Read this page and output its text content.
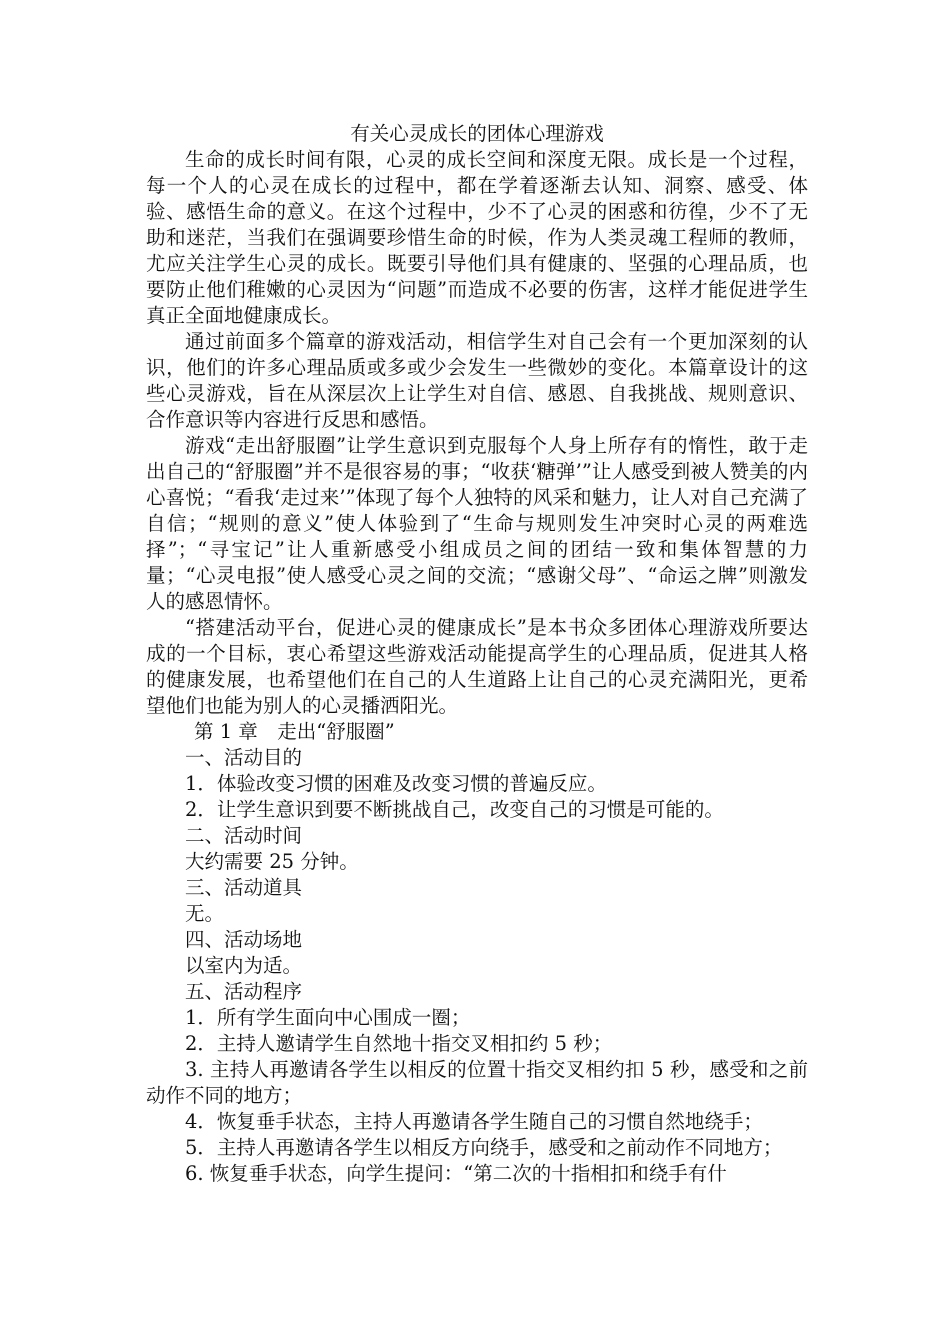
有关心灵成长的团体心理游戏

生命的成长时间有限，心灵的成长空间和深度无限。成长是一个过程，每一个人的心灵在成长的过程中，都在学着逐渐去认知、洞察、感受、体验、感悟生命的意义。在这个过程中，少不了心灵的困惑和彷徨，少不了无助和迷茫，当我们在强调要珍惜生命的时候，作为人类灵魂工程师的教师，尤应关注学生心灵的成长。既要引导他们具有健康的、坚强的心理品质，也要防止他们稚嫩的心灵因为“问题”而造成不必要的伤害，这样才能促进学生真正全面地健康成长。

通过前面多个篇章的游戏活动，相信学生对自己会有一个更加深刻的认识，他们的许多心理品质或多或少会发生一些微妙的变化。本篇章设计的这些心灵游戏，旨在从深层次上让学生对自信、感恩、自我挑战、规则意识、合作意识等内容进行反思和感悟。

游戏“走出舒服圈”让学生意识到克服每个人身上所存有的惰性，敢于走出自己的“舒服圈”并不是很容易的事；“收获‘糖弹’”让人感受到被人赞美的内心喜悦；“看我‘走过来’”体现了每个人独特的风采和魅力，让人对自己充满了自信；“规则的意义”使人体验到了“生命与规则发生冲突时心灵的两难选择”；“寻宝记”让人重新感受小组成员之间的团结一致和集体智慧的力量；“心灵电报”使人感受心灵之间的交流；“感谢父母”、“命运之牌”则激发人的感恩情怀。

“搭建活动平台，促进心灵的健康成长”是本书众多团体心理游戏所要达成的一个目标，衷心希望这些游戏活动能提高学生的心理品质，促进其人格的健康发展，也希望他们在自己的人生道路上让自己的心灵充满阳光，更希望他们也能为别人的心灵播洒阳光。

第 1 章　走出“舒服圈”

一、活动目的

1．体验改变习惯的困难及改变习惯的普遍反应。

2．让学生意识到要不断挑战自己，改变自己的习惯是可能的。

二、活动时间

大约需要 25 分钟。

三、活动道具

无。

四、活动场地

以室内为适。

五、活动程序

1．所有学生面向中心围成一圈；

2．主持人邀请学生自然地十指交叉相扣约 5 秒；

3. 主持人再邀请各学生以相反的位置十指交叉相约扣 5 秒，感受和之前动作不同的地方；

4．恢复垂手状态，主持人再邀请各学生随自己的习惯自然地绕手；

5．主持人再邀请各学生以相反方向绕手，感受和之前动作不同地方；

6. 恢复垂手状态，向学生提问：“第二次的十指相扣和绕手有什
